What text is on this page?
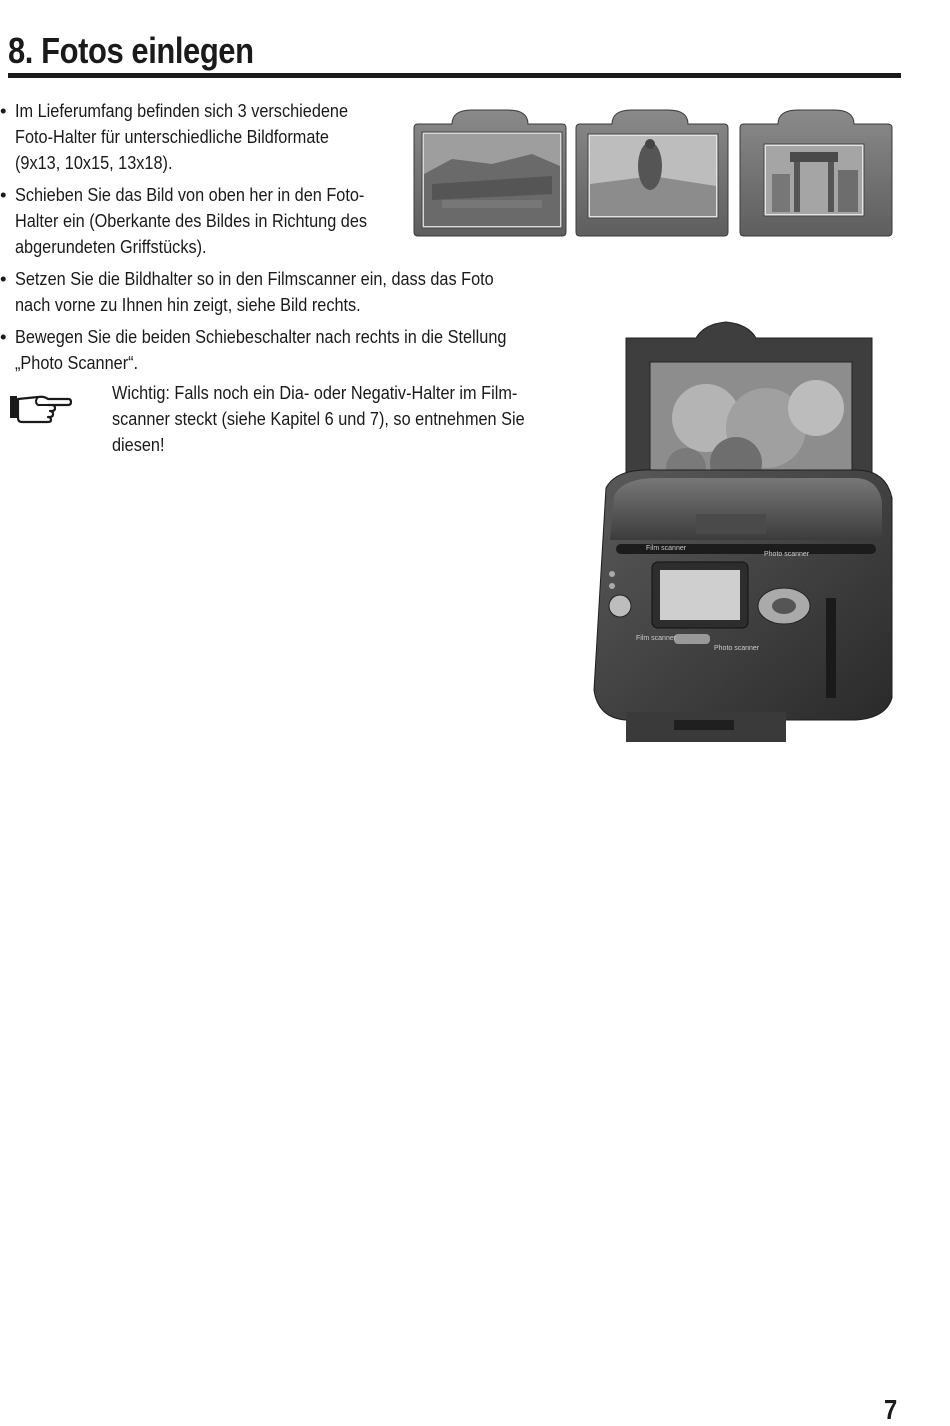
8. Fotos einlegen
• Im Lieferumfang befinden sich 3 verschiedene
Foto-Halter für unterschiedliche Bildformate
(9x13, 10x15, 13x18).
• Schieben Sie das Bild von oben her in den Foto-
Halter ein (Oberkante des Bildes in Richtung des
abgerundeten Griffstücks).
• Setzen Sie die Bildhalter so in den Filmscanner ein, dass das Foto
nach vorne zu Ihnen hin zeigt, siehe Bild rechts.
• Bewegen Sie die beiden Schiebeschalter nach rechts in die Stellung
„Photo Scanner“.
Wichtig: Falls noch ein Dia- oder Negativ-Halter im Film-
scanner steckt (siehe Kapitel 6 und 7), so entnehmen Sie
diesen!
Film scanner
Photo scanner
Film scanner
Photo scanner
7
